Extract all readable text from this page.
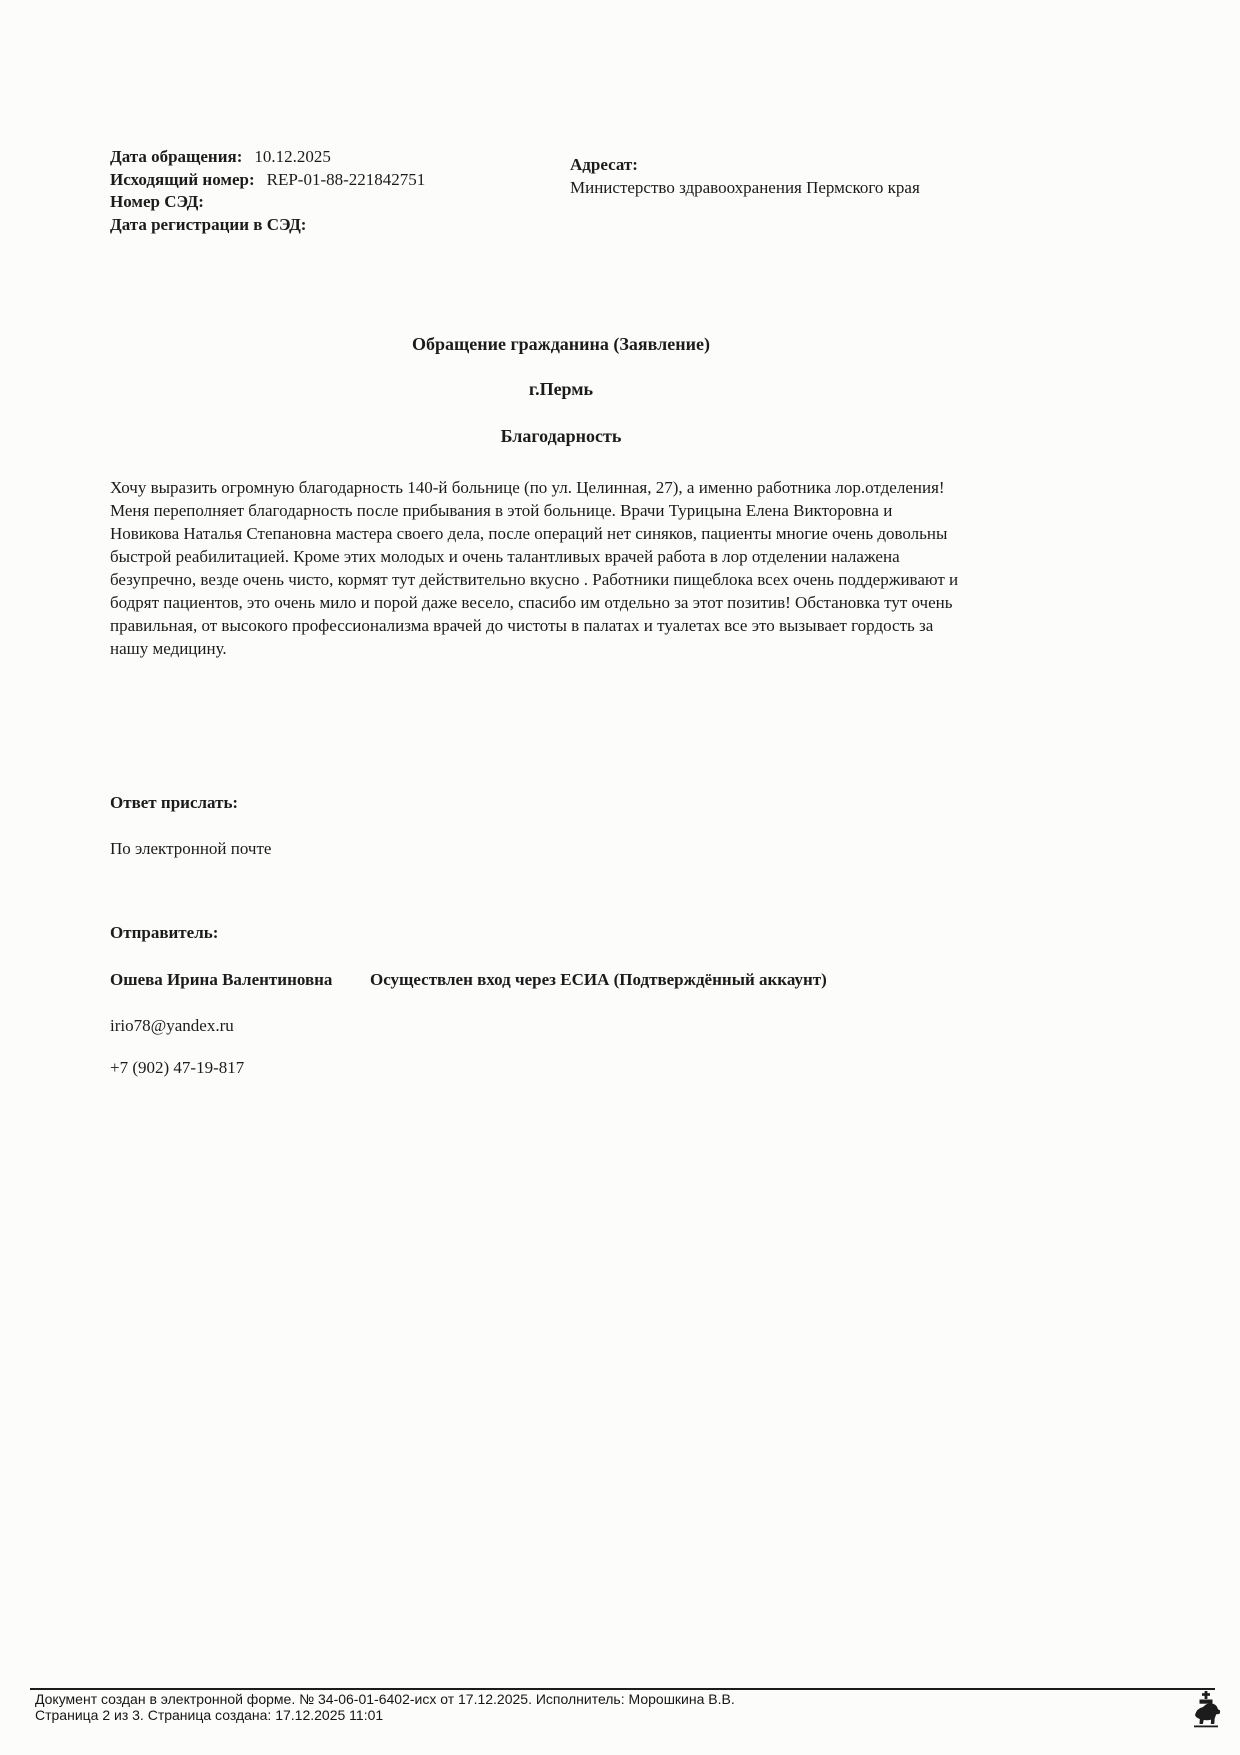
Дата обращения: 10.12.2025
Исходящий номер: REP-01-88-221842751
Номер СЭД:
Дата регистрации в СЭД:
Адресат:
Министерство здравоохранения Пермского края
Обращение гражданина (Заявление)
г.Пермь
Благодарность
Хочу выразить огромную благодарность 140-й больнице (по ул. Целинная, 27), а именно работника лор.отделения!
Меня переполняет благодарность после прибывания в этой больнице. Врачи Турицына Елена Викторовна и
Новикова Наталья Степановна мастера своего дела, после операций нет синяков, пациенты многие очень довольны
быстрой реабилитацией. Кроме этих молодых и очень талантливых врачей работа в лор отделении налажена
безупречно, везде очень чисто, кормят тут действительно вкусно . Работники пищеблока всех очень поддерживают и
бодрят пациентов, это очень мило и порой даже весело, спасибо им отдельно за этот позитив! Обстановка тут очень
правильная, от высокого профессионализма врачей до чистоты в палатах и туалетах все это вызывает гордость за
нашу медицину.
Ответ прислать:
По электронной почте
Отправитель:
Ошева Ирина Валентиновна Осуществлен вход через ЕСИА (Подтверждённый аккаунт)
irio78@yandex.ru
+7 (902) 47-19-817
Документ создан в электронной форме. № 34-06-01-6402-исх от 17.12.2025. Исполнитель: Морошкина В.В.
Страница 2 из 3. Страница создана: 17.12.2025 11:01
